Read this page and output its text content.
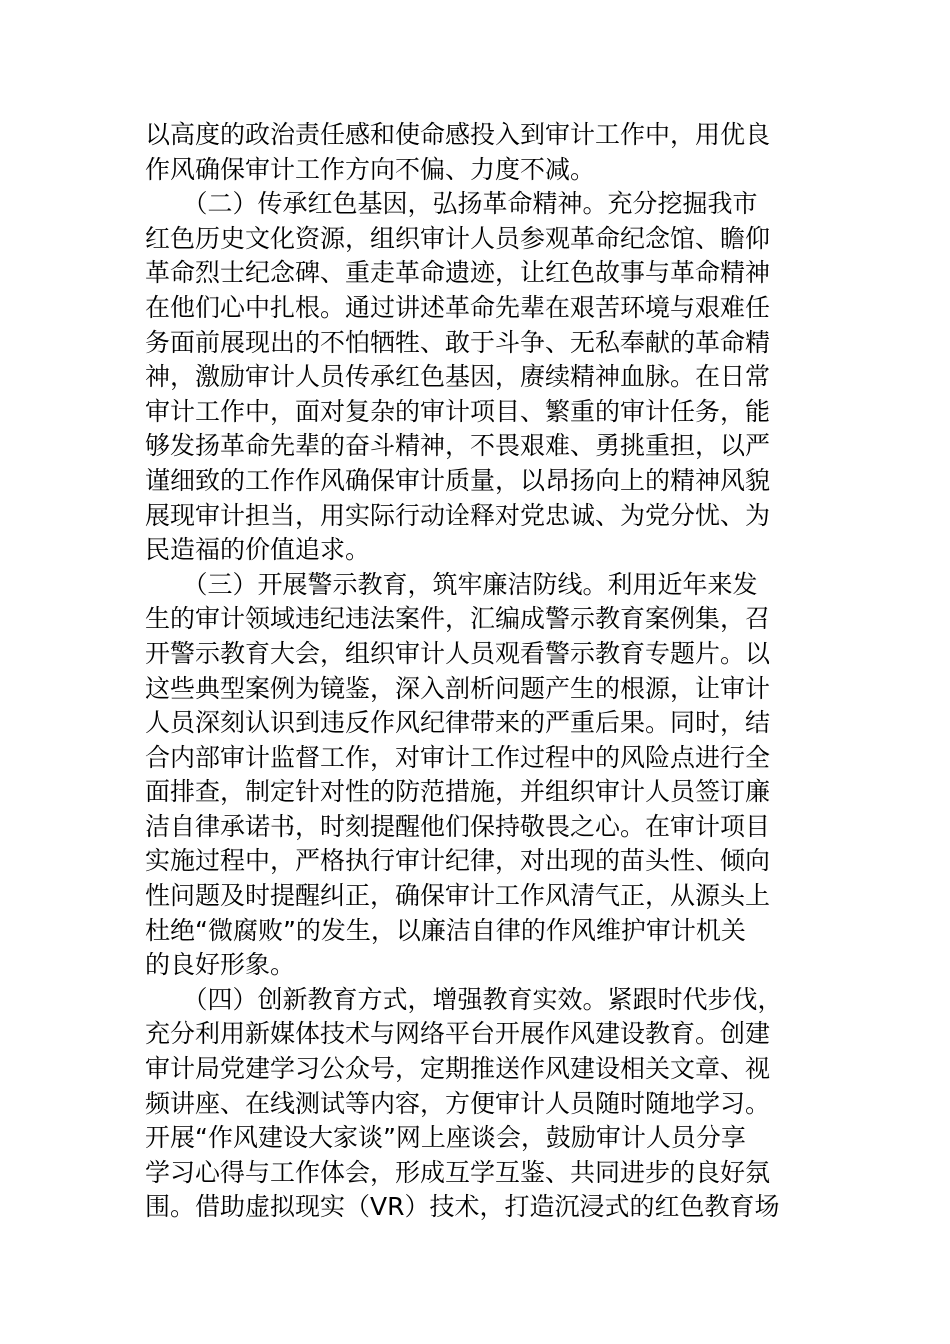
以高度的政治责任感和使命感投入到审计工作中，用优良
作风确保审计工作方向不偏、力度不减。
　　（二）传承红色基因，弘扬革命精神。充分挖掘我市
红色历史文化资源，组织审计人员参观革命纪念馆、瞻仰
革命烈士纪念碑、重走革命遗迹，让红色故事与革命精神
在他们心中扎根。通过讲述革命先辈在艰苦环境与艰难任
务面前展现出的不怕牺牲、敢于斗争、无私奉献的革命精
神，激励审计人员传承红色基因，赓续精神血脉。在日常
审计工作中，面对复杂的审计项目、繁重的审计任务，能
够发扬革命先辈的奋斗精神，不畏艰难、勇挑重担，以严
谨细致的工作作风确保审计质量，以昂扬向上的精神风貌
展现审计担当，用实际行动诠释对党忠诚、为党分忧、为
民造福的价值追求。
　　（三）开展警示教育，筑牢廉洁防线。利用近年来发
生的审计领域违纪违法案件，汇编成警示教育案例集，召
开警示教育大会，组织审计人员观看警示教育专题片。以
这些典型案例为镜鉴，深入剖析问题产生的根源，让审计
人员深刻认识到违反作风纪律带来的严重后果。同时，结
合内部审计监督工作，对审计工作过程中的风险点进行全
面排查，制定针对性的防范措施，并组织审计人员签订廉
洁自律承诺书，时刻提醒他们保持敬畏之心。在审计项目
实施过程中，严格执行审计纪律，对出现的苗头性、倾向
性问题及时提醒纠正，确保审计工作风清气正，从源头上
杜绝“微腐败”的发生，以廉洁自律的作风维护审计机关
的良好形象。
　　（四）创新教育方式，增强教育实效。紧跟时代步伐，
充分利用新媒体技术与网络平台开展作风建设教育。创建
审计局党建学习公众号，定期推送作风建设相关文章、视
频讲座、在线测试等内容，方便审计人员随时随地学习。
开展“作风建设大家谈”网上座谈会，鼓励审计人员分享
学习心得与工作体会，形成互学互鉴、共同进步的良好氛
围。借助虚拟现实（VR）技术，打造沉浸式的红色教育场
